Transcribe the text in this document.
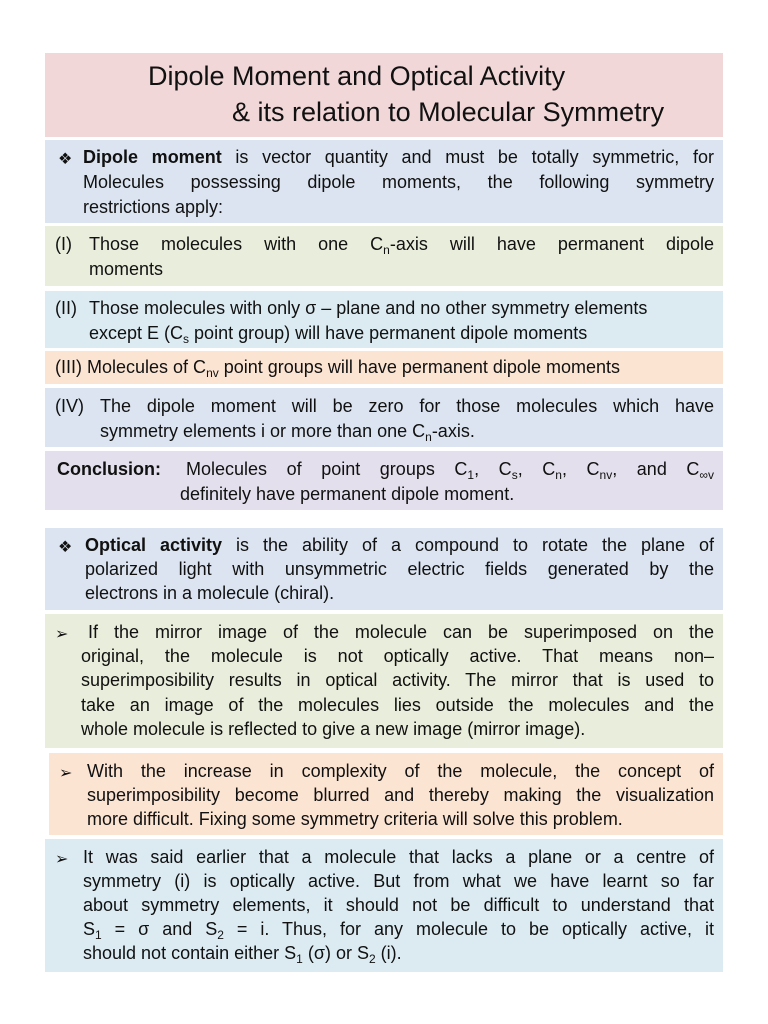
Dipole Moment and Optical Activity
& its relation to Molecular Symmetry
❖ Dipole moment is vector quantity and must be totally symmetric, for
Molecules possessing dipole moments, the following symmetry
restrictions apply:
(I) Those molecules with one $C_n$-axis will have permanent dipole
moments
(II) Those molecules with only σ – plane and no other symmetry elements
except E ($C_s$ point group) will have permanent dipole moments
(III) Molecules of $C_{nv}$ point groups will have permanent dipole moments
(IV) The dipole moment will be zero for those molecules which have
symmetry elements i or more than one $C_n$-axis.
Conclusion: Molecules of point groups $C_1$, $C_s$, $C_n$, $C_{nv}$, and $C_{\infty v}$
definitely have permanent dipole moment.
❖ Optical activity is the ability of a compound to rotate the plane of
polarized light with unsymmetric electric fields generated by the
electrons in a molecule (chiral).
➢ If the mirror image of the molecule can be superimposed on the
original, the molecule is not optically active. That means non–
superimposibility results in optical activity. The mirror that is used to
take an image of the molecules lies outside the molecules and the
whole molecule is reflected to give a new image (mirror image).
➢ With the increase in complexity of the molecule, the concept of
superimposibility become blurred and thereby making the visualization
more difficult. Fixing some symmetry criteria will solve this problem.
➢ It was said earlier that a molecule that lacks a plane or a centre of
symmetry (i) is optically active. But from what we have learnt so far
about symmetry elements, it should not be difficult to understand that
$S_1 = \sigma$ and $S_2 = i$. Thus, for any molecule to be optically active, it
should not contain either $S_1$ (σ) or $S_2$ (i).
